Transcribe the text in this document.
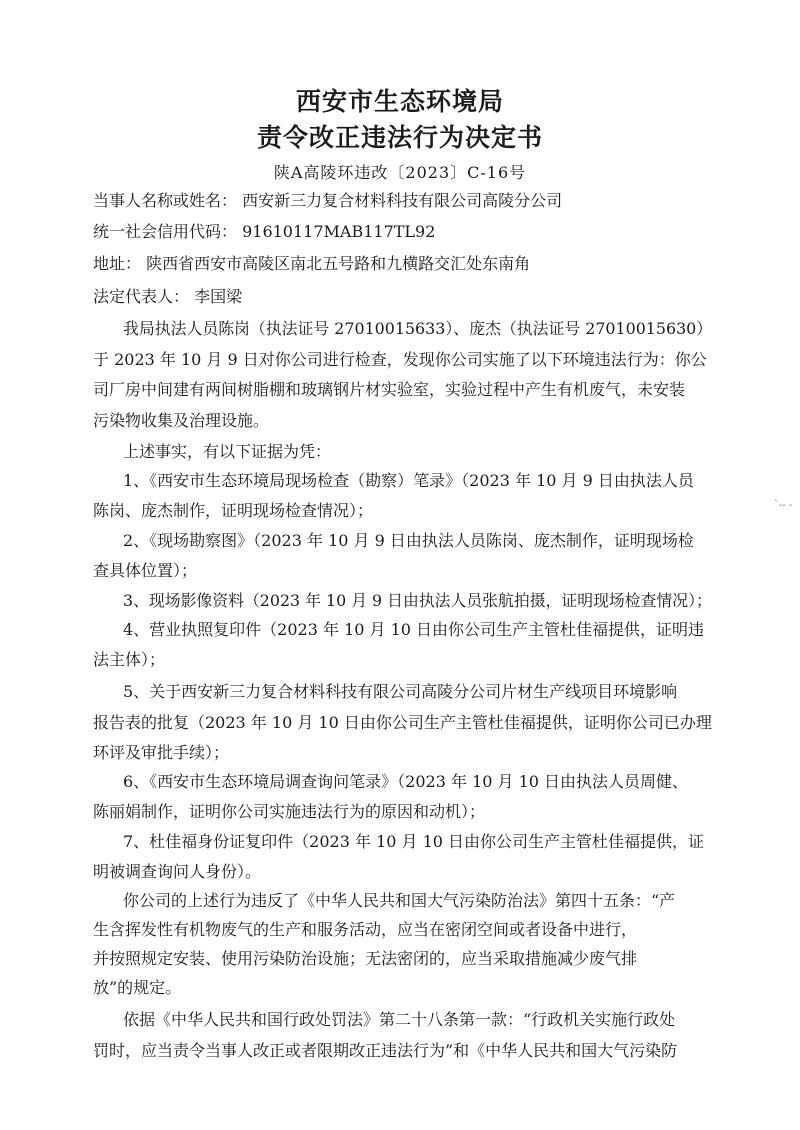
西安市生态环境局
责令改正违法行为决定书
陕A高陵环违改〔2023〕C-16号
当事人名称或姓名： 西安新三力复合材料科技有限公司高陵分公司
统一社会信用代码： 91610117MAB117TL92
地址： 陕西省西安市高陵区南北五号路和九横路交汇处东南角
法定代表人： 李国梁
我局执法人员陈岗（执法证号 27010015633）、庞杰（执法证号 27010015630）
于 2023 年 10 月 9 日对你公司进行检查，发现你公司实施了以下环境违法行为：你公
司厂房中间建有两间树脂棚和玻璃钢片材实验室，实验过程中产生有机废气，未安装
污染物收集及治理设施。
上述事实，有以下证据为凭：
1、《西安市生态环境局现场检查（勘察）笔录》（2023 年 10 月 9 日由执法人员
陈岗、庞杰制作，证明现场检查情况）；
2、《现场勘察图》（2023 年 10 月 9 日由执法人员陈岗、庞杰制作，证明现场检
查具体位置）；
3、现场影像资料（2023 年 10 月 9 日由执法人员张航拍摄，证明现场检查情况）；
4、营业执照复印件（2023 年 10 月 10 日由你公司生产主管杜佳福提供，证明违
法主体）；
5、关于西安新三力复合材料科技有限公司高陵分公司片材生产线项目环境影响
报告表的批复（2023 年 10 月 10 日由你公司生产主管杜佳福提供，证明你公司已办理
环评及审批手续）；
6、《西安市生态环境局调查询问笔录》（2023 年 10 月 10 日由执法人员周健、
陈丽娟制作，证明你公司实施违法行为的原因和动机）；
7、杜佳福身份证复印件（2023 年 10 月 10 日由你公司生产主管杜佳福提供，证
明被调查询问人身份）。
你公司的上述行为违反了《中华人民共和国大气污染防治法》第四十五条：“产
生含挥发性有机物废气的生产和服务活动，应当在密闭空间或者设备中进行，
并按照规定安装、使用污染防治设施；无法密闭的，应当采取措施减少废气排
放”的规定。
依据《中华人民共和国行政处罚法》第二十八条第一款：“行政机关实施行政处
罚时，应当责令当事人改正或者限期改正违法行为”和《中华人民共和国大气污染防
`-- -
